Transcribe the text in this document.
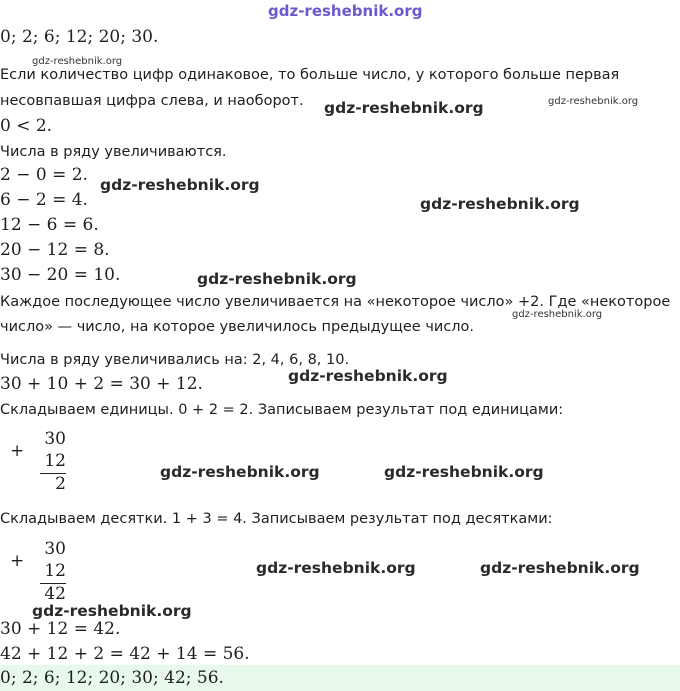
gdz-reshebnik.org
0; 2; 6; 12; 20; 30.
gdz-reshebnik.org
Если количество цифр одинаковое, то больше число, у которого больше первая
несовпавшая цифра слева, и наоборот. gdz-reshebnik.org	gdz-reshebnik.org
0 < 2.
Числа в ряду увеличиваются.
2 − 0 = 2. gdz-reshebnik.org
6 − 2 = 4.	gdz-reshebnik.org
12 − 6 = 6.
20 − 12 = 8.
30 − 20 = 10.	gdz-reshebnik.org
Каждое последующее число увеличивается на «некоторое число» +2. Где «некоторое
gdz-reshebnik.org
число» — число, на которое увеличилось предыдущее число.
Числа в ряду увеличивались на: 2, 4, 6, 8, 10.
gdz-reshebnik.org
30 + 10 + 2 = 30 + 12.
Складываем единицы. 0 + 2 = 2. Записываем результат под единицами:
+
30
12
2
gdz-reshebnik.org	gdz-reshebnik.org
Складываем десятки. 1 + 3 = 4. Записываем результат под десятками:
+
30
12
42
gdz-reshebnik.org	gdz-reshebnik.org
gdz-reshebnik.org
30 + 12 = 42.
42 + 12 + 2 = 42 + 14 = 56.
0; 2; 6; 12; 20; 30; 42; 56.
